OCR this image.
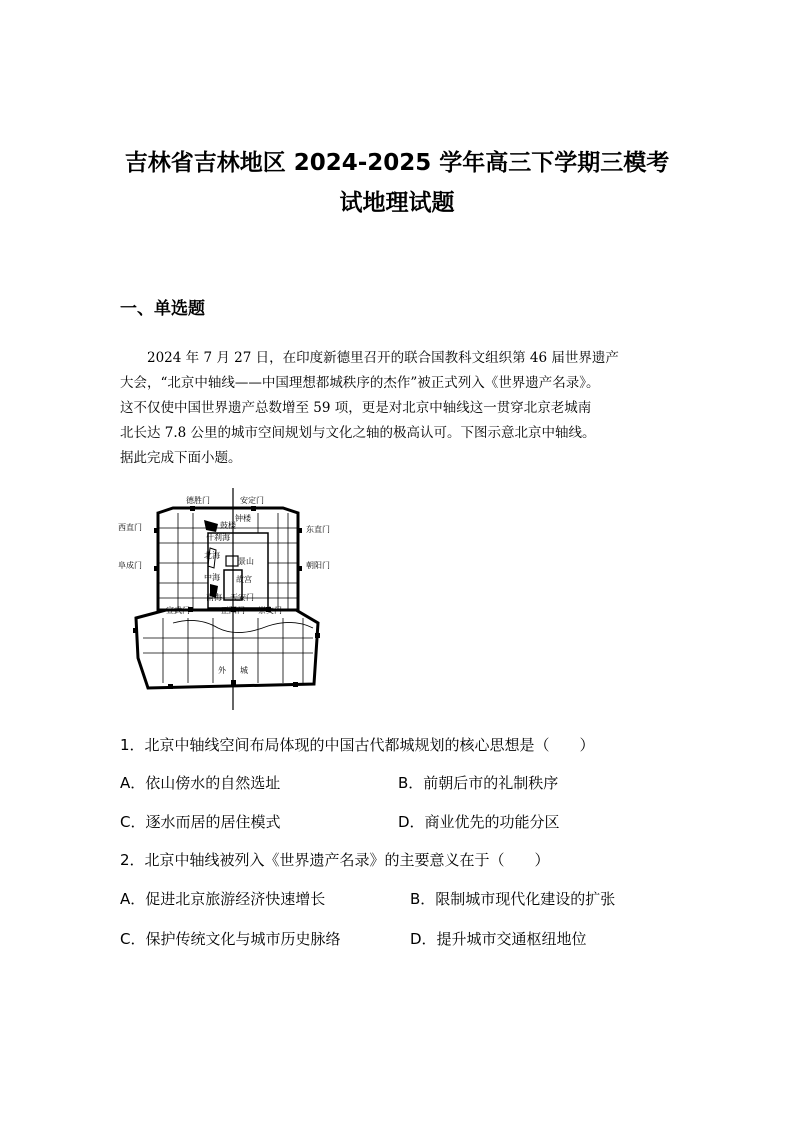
吉林省吉林地区 2024-2025 学年高三下学期三模考
试地理试题
一、单选题

2024 年 7 月 27 日，在印度新德里召开的联合国教科文组织第 46 届世界遗产

大会，“北京中轴线——中国理想都城秩序的杰作”被正式列入《世界遗产名录》。

这不仅使中国世界遗产总数增至 59 项，更是对北京中轴线这一贯穿北京老城南

北长达 7.8 公里的城市空间规划与文化之轴的极高认可。下图示意北京中轴线。

据此完成下面小题。

德胜门	安定门
钟楼
鼓楼
什刹海
西直门	东直门
北海
景山
阜成门	朝阳门
中海 故宫
南海 天安门
宣武门	正阳门 崇文门
外 城
1．北京中轴线空间布局体现的中国古代都城规划的核心思想是（　　）
A．依山傍水的自然选址	B．前朝后市的礼制秩序
C．逐水而居的居住模式	D．商业优先的功能分区
2．北京中轴线被列入《世界遗产名录》的主要意义在于（　　）
A．促进北京旅游经济快速增长	B．限制城市现代化建设的扩张
C．保护传统文化与城市历史脉络	D．提升城市交通枢纽地位
